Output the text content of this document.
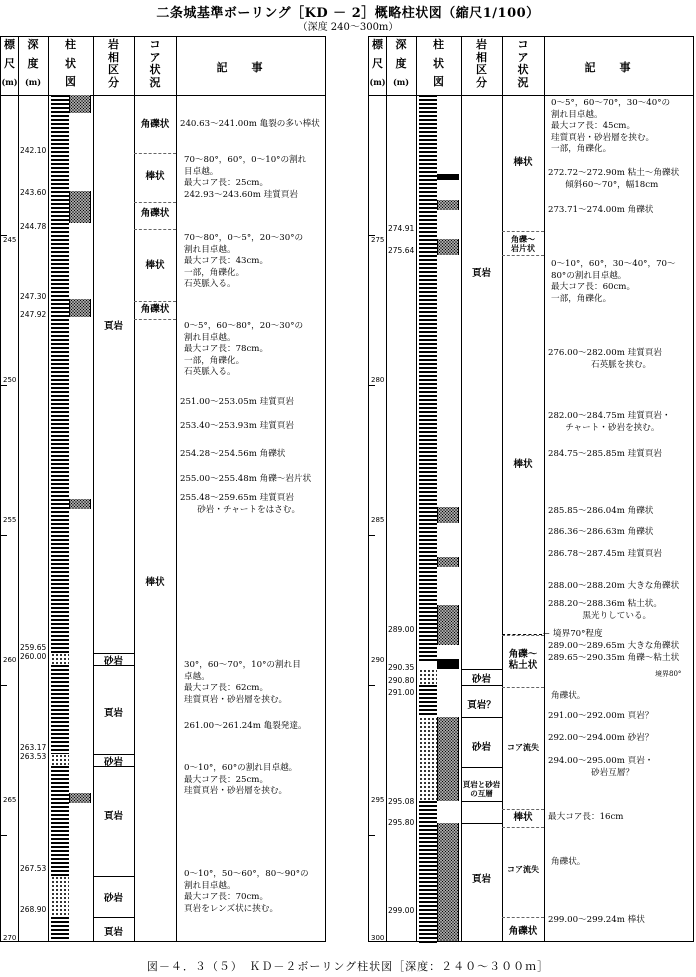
二条城基準ボーリング［KD － 2］概略柱状図（縮尺1/100）
（深度 240～300m）
標
尺
(m)
深
度
(m)
柱
状
図
岩
相
区
分
コ
ア
状
況
記事
245
250
255
260
265
270
242.10
243.60
244.78
247.30
247.92
259.65
260.00
263.17
263.53
267.53
268.90
頁岩
砂岩
頁岩
砂岩
頁岩
砂岩
頁岩
角礫状
棒状
角礫状
棒状
角礫状
棒状
240.63～241.00m 亀裂の多い棒状
70～80°，60°，0～10°の割れ
目卓越。
最大コア長：25cm。
242.93～243.60m 珪質頁岩
70～80°，0～5°，20～30°の
割れ目卓越。
最大コア長：43cm。
一部，角礫化。
石英脈入る。
0～5°，60～80°，20～30°の
割れ目卓越。
最大コア長：78cm。
一部，角礫化。
石英脈入る。
251.00～253.05m 珪質頁岩
253.40～253.93m 珪質頁岩
254.28～254.56m 角礫状
255.00～255.48m 角礫～岩片状
255.48～259.65m 珪質頁岩
　　砂岩・チャートをはさむ。
30°，60～70°，10°の割れ目
卓越。
最大コア長：62cm。
珪質頁岩・砂岩層を挟む。
261.00～261.24m 亀裂発達。
0～10°，60°の割れ目卓越。
最大コア長：25cm。
珪質頁岩・砂岩層を挟む。
0～10°，50～60°，80～90°の
割れ目卓越。
最大コア長：70cm。
頁岩をレンズ状に挟む。
標
尺
(m)
深
度
(m)
柱
状
図
岩
相
区
分
コ
ア
状
況
記事
275
280
285
290
295
300
274.91
275.64
289.00
290.35
290.80
291.00
295.08
295.80
299.00
頁岩
砂岩
頁岩？
砂岩
頁岩と砂岩
の互層
頁岩
棒状
角礫～
岩片状
棒状
角礫～
粘土状
コア流失
棒状
コア流失
角礫状
0～5°，60～70°，30～40°の
割れ目卓越。
最大コア長：45cm。
珪質頁岩・砂岩層を挟む。
一部，角礫化。
272.72～272.90m 粘土～角礫状
　　傾斜60～70°，幅18cm
273.71～274.00m 角礫状
0～10°，60°，30～40°，70～
80°の割れ目卓越。
最大コア長：60cm。
一部，角礫化。
276.00～282.00m 珪質頁岩
　　　　　石英脈を挟む。
282.00～284.75m 珪質頁岩・
　　チャート・砂岩を挟む。
284.75～285.85m 珪質頁岩
285.85～286.04m 角礫状
286.36～286.63m 角礫状
286.78～287.45m 珪質頁岩
288.00～288.20m 大きな角礫状
288.20～288.36m 粘土状。
　　　　黒光りしている。
← 境界70°程度
289.00～289.65m 大きな角礫状
289.65～290.35m 角礫～粘土状
境界80°
角礫状。
291.00～292.00m 頁岩？
292.00～294.00m 砂岩？
294.00～295.00m 頁岩・
　　　　　砂岩互層？
最大コア長：16cm
角礫状。
299.00～299.24m 棒状
図－４．３（５）　ＫＤ－２ボーリング柱状図［深度：２４０～３００ｍ］
